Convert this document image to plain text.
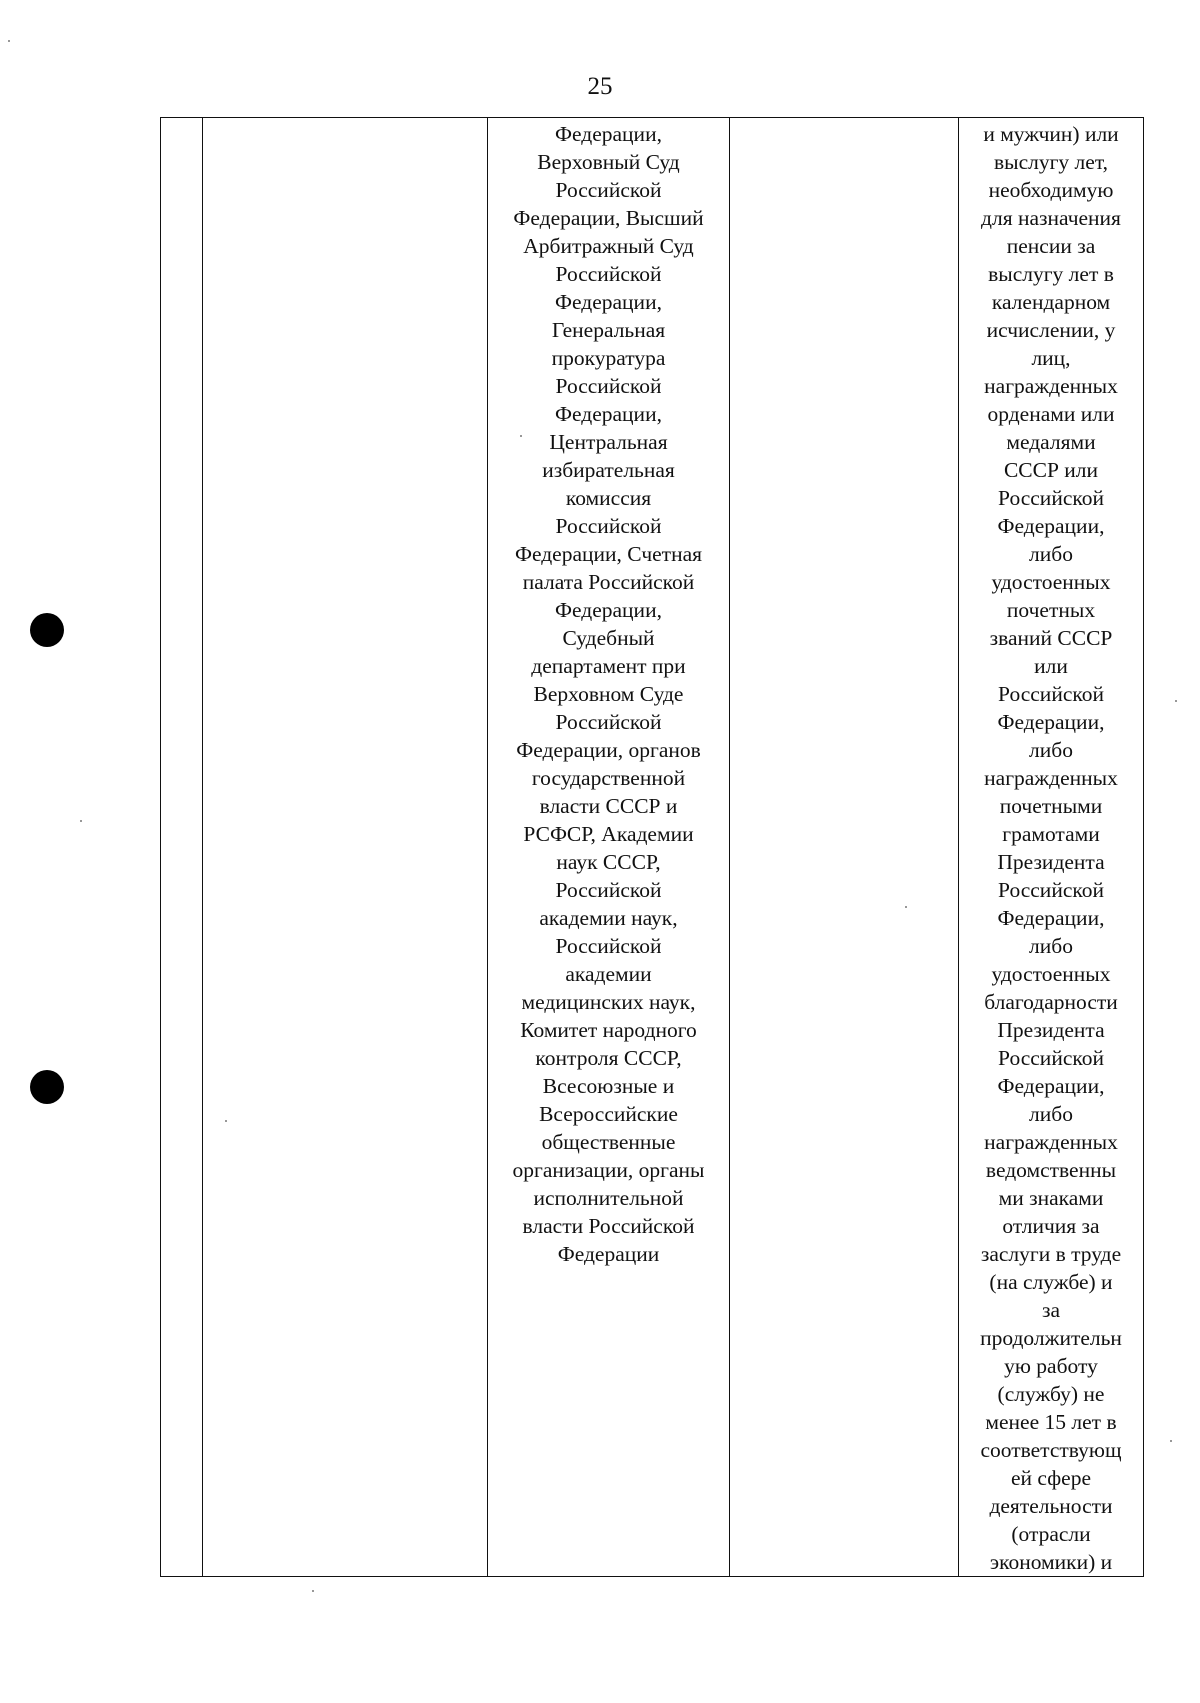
25
		Федерации,
Верховный Суд
Российской
Федерации, Высший
Арбитражный Суд
Российской
Федерации,
Генеральная
прокуратура
Российской
Федерации,
Центральная
избирательная
комиссия
Российской
Федерации, Счетная
палата Российской
Федерации,
Судебный
департамент при
Верховном Суде
Российской
Федерации, органов
государственной
власти СССР и
РСФСР, Академии
наук СССР,
Российской
академии наук,
Российской
академии
медицинских наук,
Комитет народного
контроля СССР,
Всесоюзные и
Всероссийские
общественные
организации, органы
исполнительной
власти Российской
Федерации		и мужчин) или
выслугу лет,
необходимую
для назначения
пенсии за
выслугу лет в
календарном
исчислении, у
лиц,
награжденных
орденами или
медалями
СССР или
Российской
Федерации,
либо
удостоенных
почетных
званий СССР
или
Российской
Федерации,
либо
награжденных
почетными
грамотами
Президента
Российской
Федерации,
либо
удостоенных
благодарности
Президента
Российской
Федерации,
либо
награжденных
ведомственны
ми знаками
отличия за
заслуги в труде
(на службе) и
за
продолжительн
ую работу
(службу) не
менее 15 лет в
соответствующ
ей сфере
деятельности
(отрасли
экономики) и
